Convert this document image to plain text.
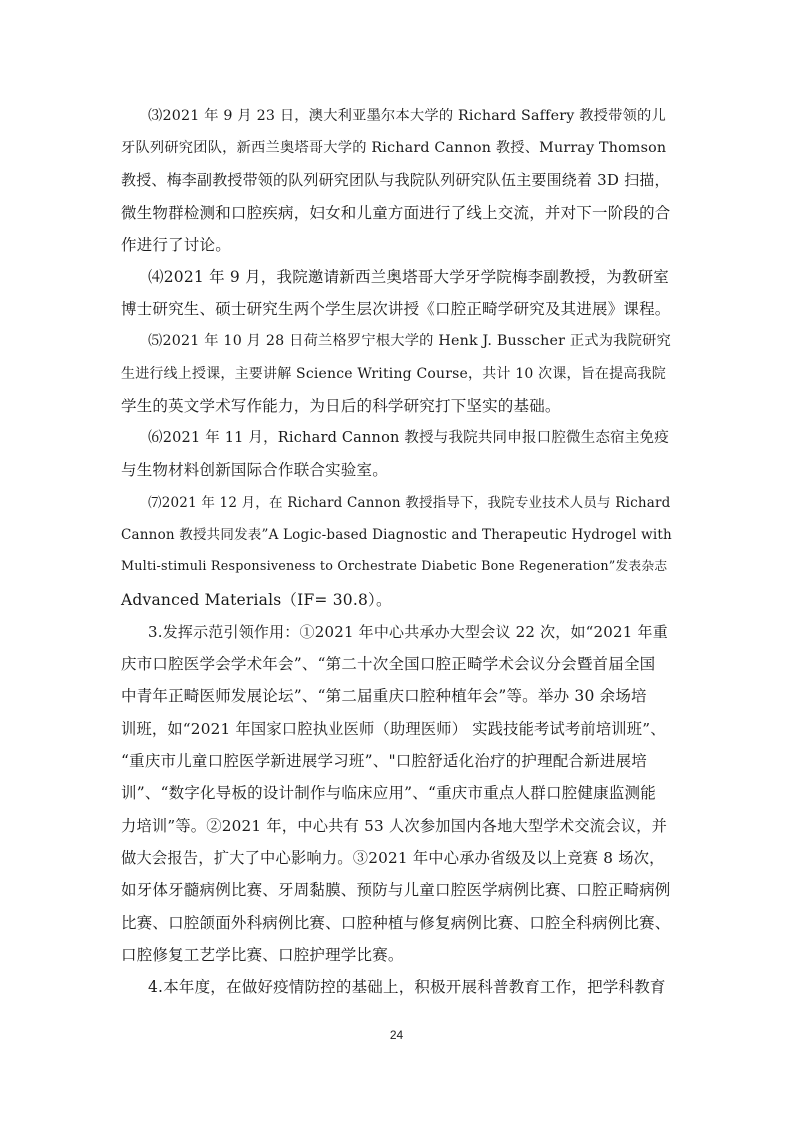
⑶2021 年 9 月 23 日，澳大利亚墨尔本大学的 Richard Saffery 教授带领的儿
牙队列研究团队，新西兰奥塔哥大学的 Richard Cannon 教授、Murray Thomson
教授、梅李副教授带领的队列研究团队与我院队列研究队伍主要围绕着 3D 扫描，
微生物群检测和口腔疾病，妇女和儿童方面进行了线上交流，并对下一阶段的合
作进行了讨论。
⑷2021 年 9 月，我院邀请新西兰奥塔哥大学牙学院梅李副教授，为教研室
博士研究生、硕士研究生两个学生层次讲授《口腔正畸学研究及其进展》课程。
⑸2021 年 10 月 28 日荷兰格罗宁根大学的 Henk J. Busscher 正式为我院研究
生进行线上授课，主要讲解 Science Writing Course，共计 10 次课，旨在提高我院
学生的英文学术写作能力，为日后的科学研究打下坚实的基础。
⑹2021 年 11 月，Richard Cannon 教授与我院共同申报口腔微生态宿主免疫
与生物材料创新国际合作联合实验室。
⑺2021 年 12 月，在 Richard Cannon 教授指导下，我院专业技术人员与 Richard
Cannon 教授共同发表”A Logic-based Diagnostic and Therapeutic Hydrogel with
Multi-stimuli Responsiveness to Orchestrate Diabetic Bone Regeneration”发表杂志
Advanced Materials（IF= 30.8）。
3.发挥示范引领作用：①2021 年中心共承办大型会议 22 次，如“2021 年重
庆市口腔医学会学术年会”、“第二十次全国口腔正畸学术会议分会暨首届全国
中青年正畸医师发展论坛”、“第二届重庆口腔种植年会”等。举办 30 余场培
训班，如“2021 年国家口腔执业医师（助理医师） 实践技能考试考前培训班”、
“重庆市儿童口腔医学新进展学习班”、"口腔舒适化治疗的护理配合新进展培
训”、“数字化导板的设计制作与临床应用”、“重庆市重点人群口腔健康监测能
力培训”等。②2021 年，中心共有 53 人次参加国内各地大型学术交流会议，并
做大会报告，扩大了中心影响力。③2021 年中心承办省级及以上竞赛 8 场次，
如牙体牙髓病例比赛、牙周黏膜、预防与儿童口腔医学病例比赛、口腔正畸病例
比赛、口腔颌面外科病例比赛、口腔种植与修复病例比赛、口腔全科病例比赛、
口腔修复工艺学比赛、口腔护理学比赛。
4.本年度，在做好疫情防控的基础上，积极开展科普教育工作，把学科教育
24
